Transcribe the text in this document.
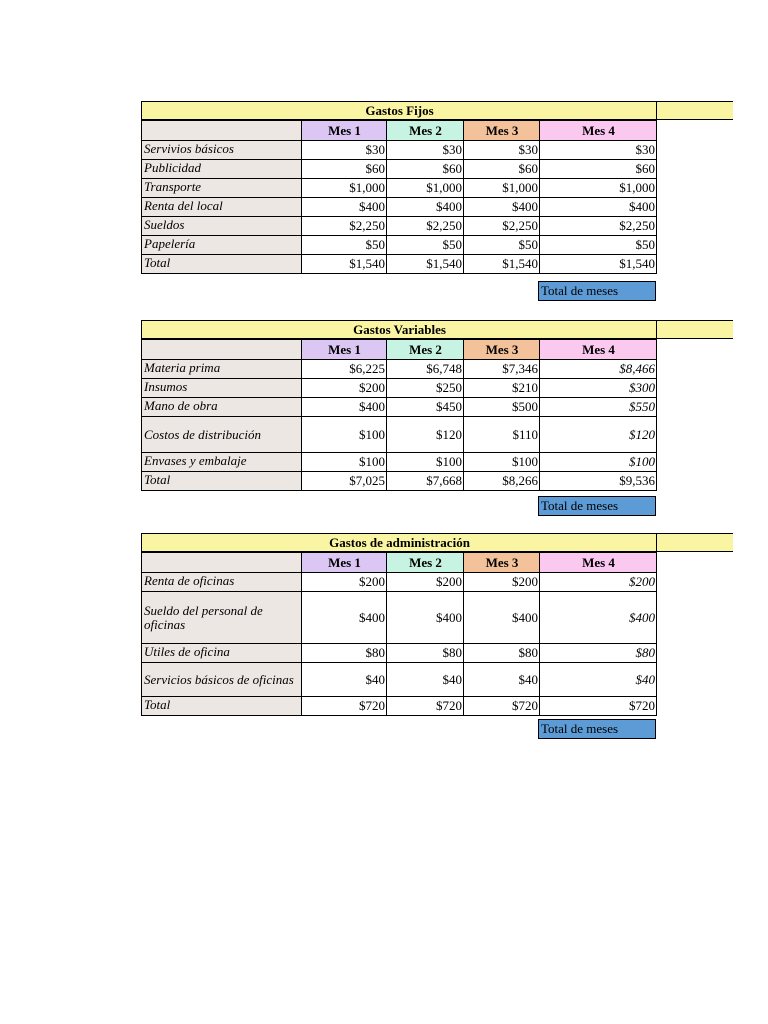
Gastos Fijos
	Mes 1	Mes 2	Mes 3	Mes 4
Servivios básicos	$30	$30	$30	$30
Publicidad	$60	$60	$60	$60
Transporte	$1,000	$1,000	$1,000	$1,000
Renta del local	$400	$400	$400	$400
Sueldos	$2,250	$2,250	$2,250	$2,250
Papelería	$50	$50	$50	$50
Total	$1,540	$1,540	$1,540	$1,540
Total de meses
Gastos Variables
	Mes 1	Mes 2	Mes 3	Mes 4
Materia prima	$6,225	$6,748	$7,346	$8,466
Insumos	$200	$250	$210	$300
Mano de obra	$400	$450	$500	$550
Costos de distribución	$100	$120	$110	$120
Envases y embalaje	$100	$100	$100	$100
Total	$7,025	$7,668	$8,266	$9,536
Total de meses
Gastos de administración
	Mes 1	Mes 2	Mes 3	Mes 4
Renta de oficinas	$200	$200	$200	$200
Sueldo del personal de oficinas	$400	$400	$400	$400
Utiles de oficina	$80	$80	$80	$80
Servicios básicos de oficinas	$40	$40	$40	$40
Total	$720	$720	$720	$720
Total de meses
